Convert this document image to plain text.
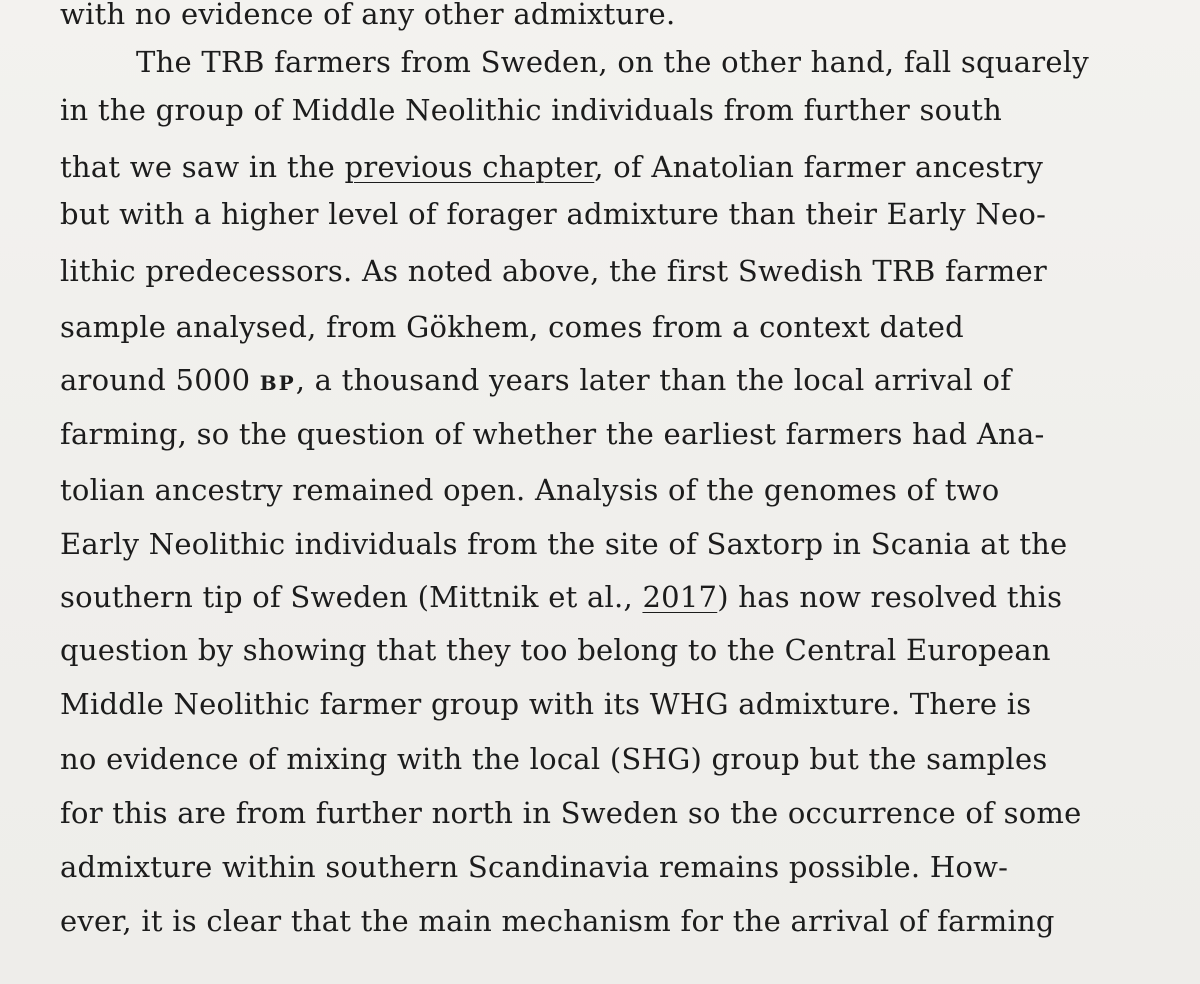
with no evidence of any other admixture.
The TRB farmers from Sweden, on the other hand, fall squarely
in the group of Middle Neolithic individuals from further south
that we saw in the previous chapter, of Anatolian farmer ancestry
but with a higher level of forager admixture than their Early Neo-
lithic predecessors. As noted above, the first Swedish TRB farmer
sample analysed, from Gökhem, comes from a context dated
around 5000 BP, a thousand years later than the local arrival of
farming, so the question of whether the earliest farmers had Ana-
tolian ancestry remained open. Analysis of the genomes of two
Early Neolithic individuals from the site of Saxtorp in Scania at the
southern tip of Sweden (Mittnik et al., 2017) has now resolved this
question by showing that they too belong to the Central European
Middle Neolithic farmer group with its WHG admixture. There is
no evidence of mixing with the local (SHG) group but the samples
for this are from further north in Sweden so the occurrence of some
admixture within southern Scandinavia remains possible. How-
ever, it is clear that the main mechanism for the arrival of farming
